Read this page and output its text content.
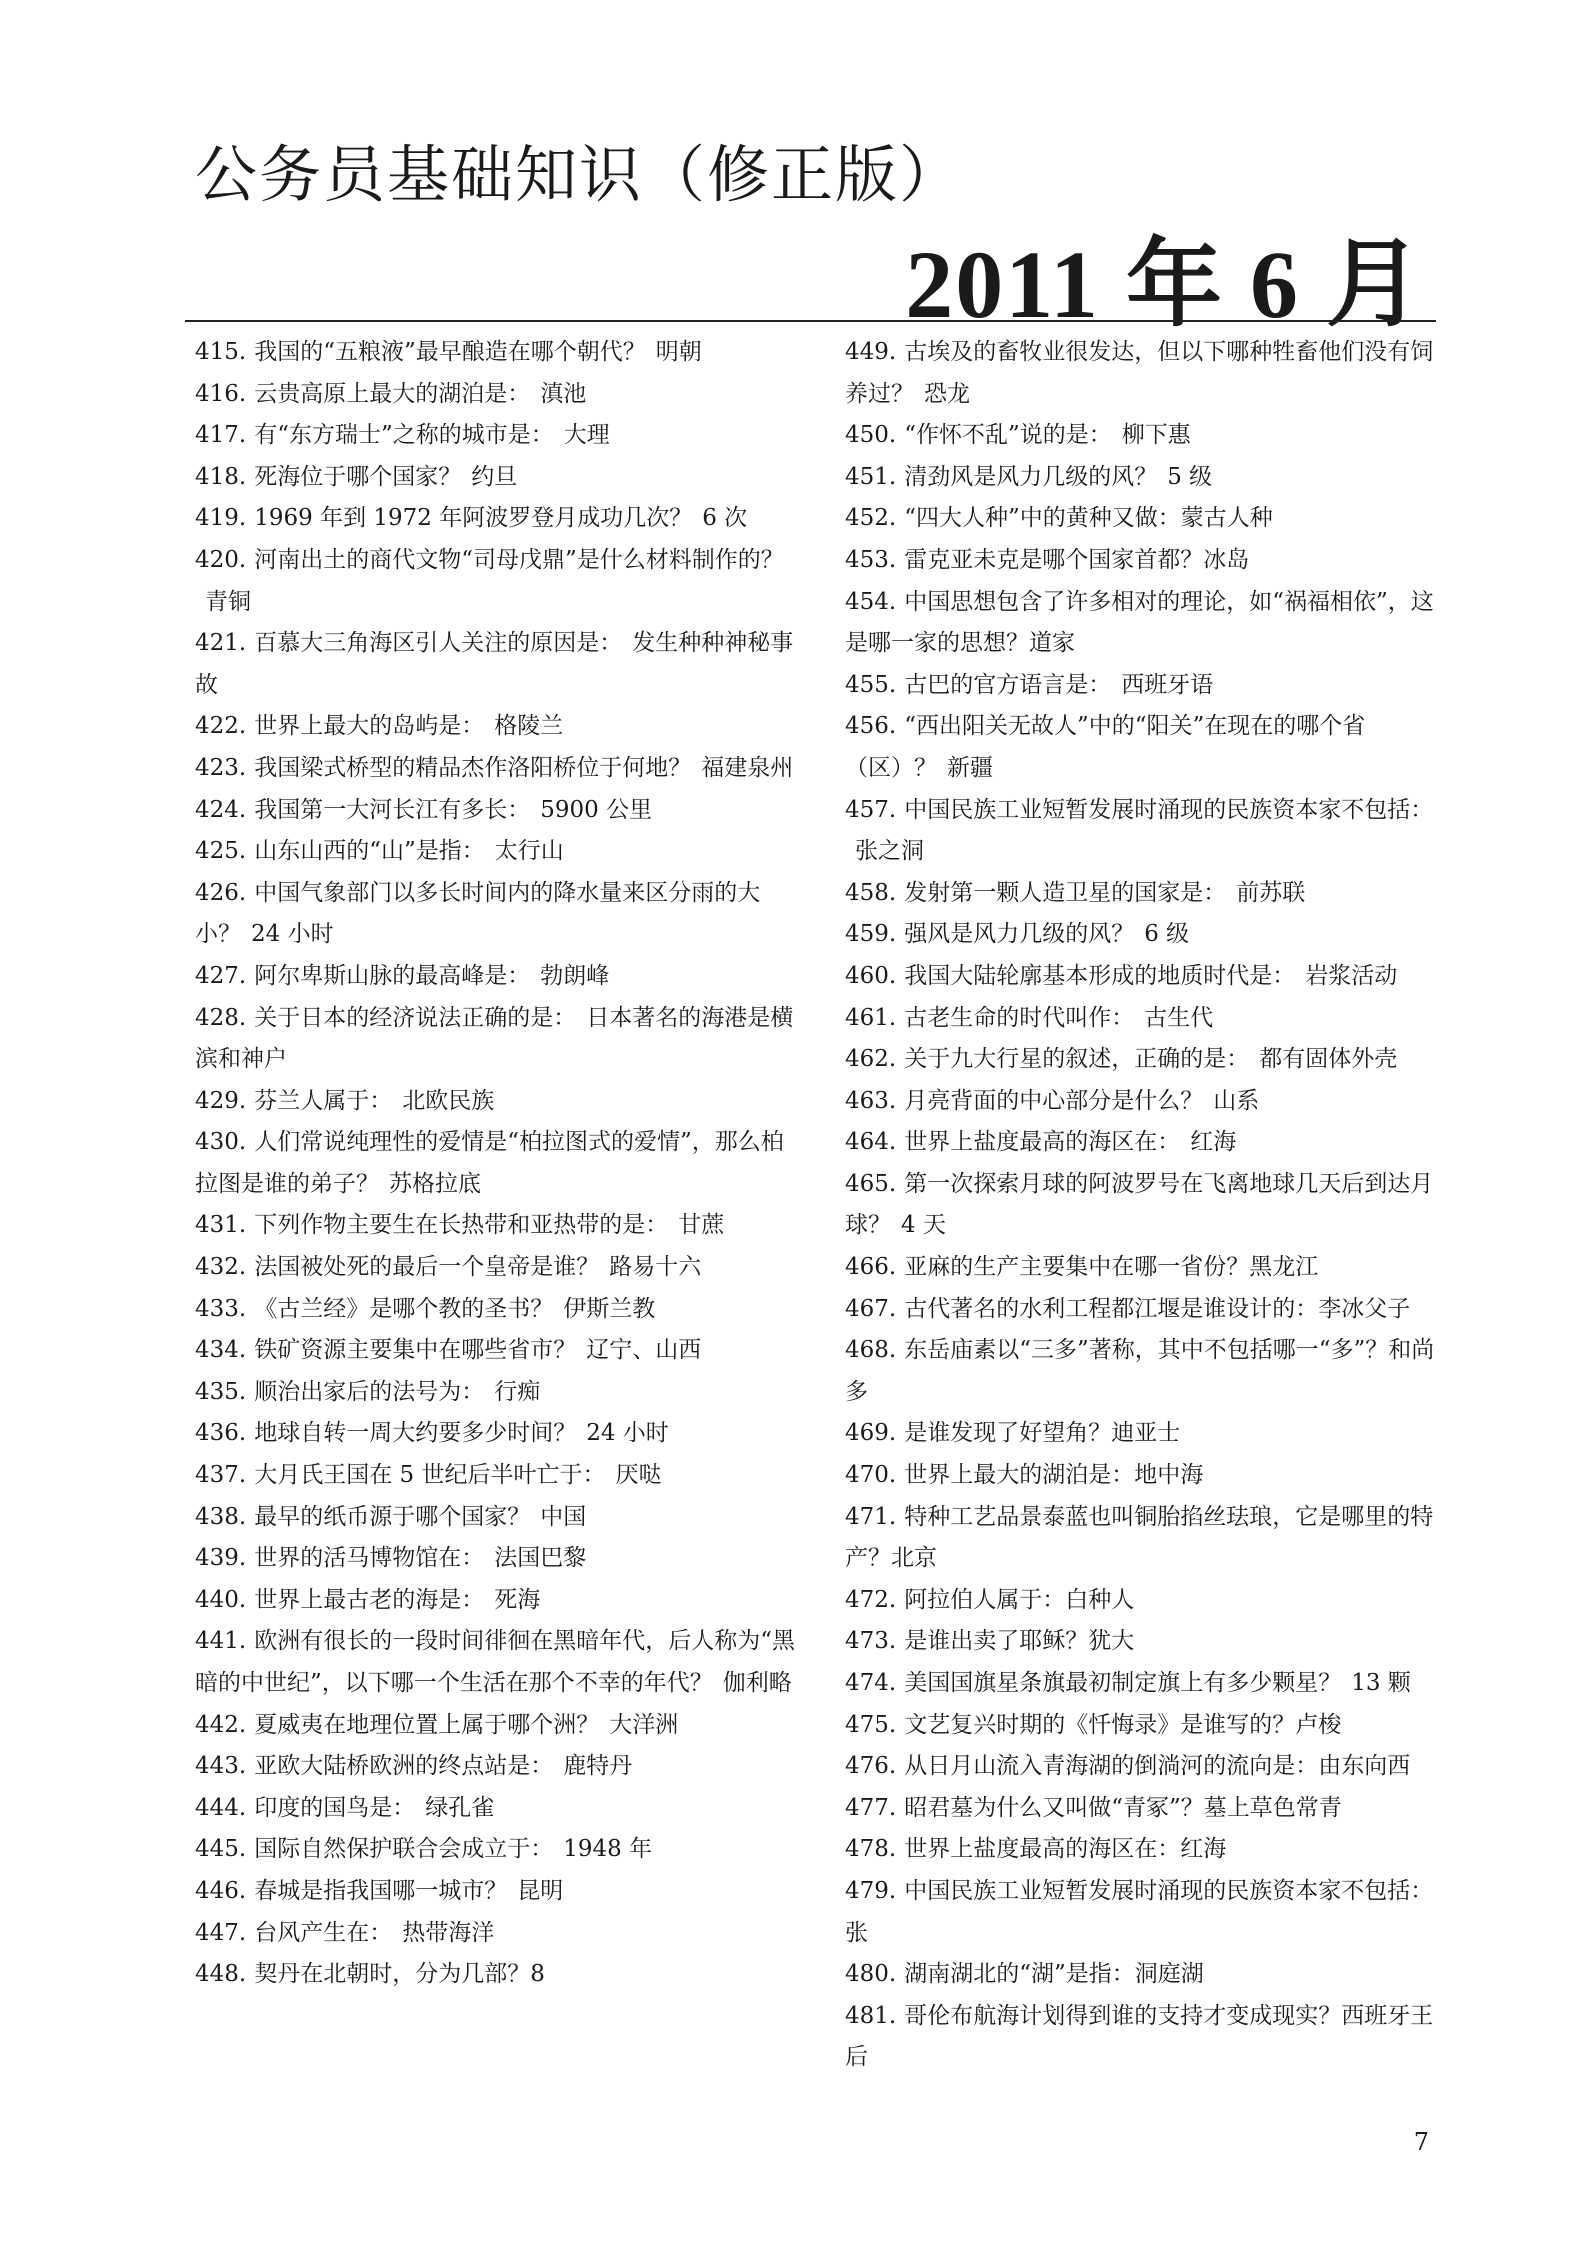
公务员基础知识（修正版）
2011 年 6 月

415. 我国的“五粮液”最早酿造在哪个朝代？ 明朝

416. 云贵高原上最大的湖泊是： 滇池

417. 有“东方瑞士”之称的城市是： 大理

418. 死海位于哪个国家？ 约旦

419. 1969 年到 1972 年阿波罗登月成功几次？ 6 次

420. 河南出土的商代文物“司母戊鼎”是什么材料制作的？青铜

421. 百慕大三角海区引人关注的原因是： 发生种种神秘事故

422. 世界上最大的岛屿是： 格陵兰

423. 我国梁式桥型的精品杰作洛阳桥位于何地？ 福建泉州

424. 我国第一大河长江有多长： 5900 公里

425. 山东山西的“山”是指： 太行山

426. 中国气象部门以多长时间内的降水量来区分雨的大小？ 24 小时

427. 阿尔卑斯山脉的最高峰是： 勃朗峰

428. 关于日本的经济说法正确的是： 日本著名的海港是横滨和神户

429. 芬兰人属于： 北欧民族

430. 人们常说纯理性的爱情是“柏拉图式的爱情”，那么柏拉图是谁的弟子？ 苏格拉底

431. 下列作物主要生在长热带和亚热带的是： 甘蔗

432. 法国被处死的最后一个皇帝是谁？ 路易十六

433. 《古兰经》是哪个教的圣书？ 伊斯兰教

434. 铁矿资源主要集中在哪些省市？ 辽宁、山西

435. 顺治出家后的法号为： 行痴

436. 地球自转一周大约要多少时间？ 24 小时

437. 大月氏王国在 5 世纪后半叶亡于： 厌哒

438. 最早的纸币源于哪个国家？ 中国

439. 世界的活马博物馆在： 法国巴黎

440. 世界上最古老的海是： 死海

441. 欧洲有很长的一段时间徘徊在黑暗年代，后人称为“黑暗的中世纪”，以下哪一个生活在那个不幸的年代？ 伽利略

442. 夏威夷在地理位置上属于哪个洲？ 大洋洲

443. 亚欧大陆桥欧洲的终点站是： 鹿特丹

444. 印度的国鸟是： 绿孔雀

445. 国际自然保护联合会成立于： 1948 年

446. 春城是指我国哪一城市？ 昆明

447. 台风产生在： 热带海洋

448. 契丹在北朝时，分为几部？8

449. 古埃及的畜牧业很发达，但以下哪种牲畜他们没有饲养过？ 恐龙

450. “作怀不乱”说的是： 柳下惠

451. 清劲风是风力几级的风？ 5 级

452. “四大人种”中的黄种又做：蒙古人种

453. 雷克亚未克是哪个国家首都？冰岛

454. 中国思想包含了许多相对的理论，如“祸福相依”，这是哪一家的思想？道家

455. 古巴的官方语言是： 西班牙语

456. “西出阳关无故人”中的“阳关”在现在的哪个省（区）？ 新疆

457. 中国民族工业短暂发展时涌现的民族资本家不包括：张之洞

458. 发射第一颗人造卫星的国家是： 前苏联

459. 强风是风力几级的风？ 6 级

460. 我国大陆轮廓基本形成的地质时代是： 岩浆活动

461. 古老生命的时代叫作： 古生代

462. 关于九大行星的叙述，正确的是： 都有固体外壳

463. 月亮背面的中心部分是什么？ 山系

464. 世界上盐度最高的海区在： 红海

465. 第一次探索月球的阿波罗号在飞离地球几天后到达月球？ 4 天

466. 亚麻的生产主要集中在哪一省份？黑龙江

467. 古代著名的水利工程都江堰是谁设计的：李冰父子

468. 东岳庙素以“三多”著称，其中不包括哪一“多”？和尚多

469. 是谁发现了好望角？迪亚士

470. 世界上最大的湖泊是：地中海

471. 特种工艺品景泰蓝也叫铜胎掐丝珐琅，它是哪里的特产？北京

472. 阿拉伯人属于：白种人

473. 是谁出卖了耶稣？犹大

474. 美国国旗星条旗最初制定旗上有多少颗星？ 13 颗

475. 文艺复兴时期的《忏悔录》是谁写的？卢梭

476. 从日月山流入青海湖的倒淌河的流向是：由东向西

477. 昭君墓为什么又叫做“青冢”？墓上草色常青

478. 世界上盐度最高的海区在：红海

479. 中国民族工业短暂发展时涌现的民族资本家不包括：张

480. 湖南湖北的“湖”是指：洞庭湖

481. 哥伦布航海计划得到谁的支持才变成现实？西班牙王后

7
